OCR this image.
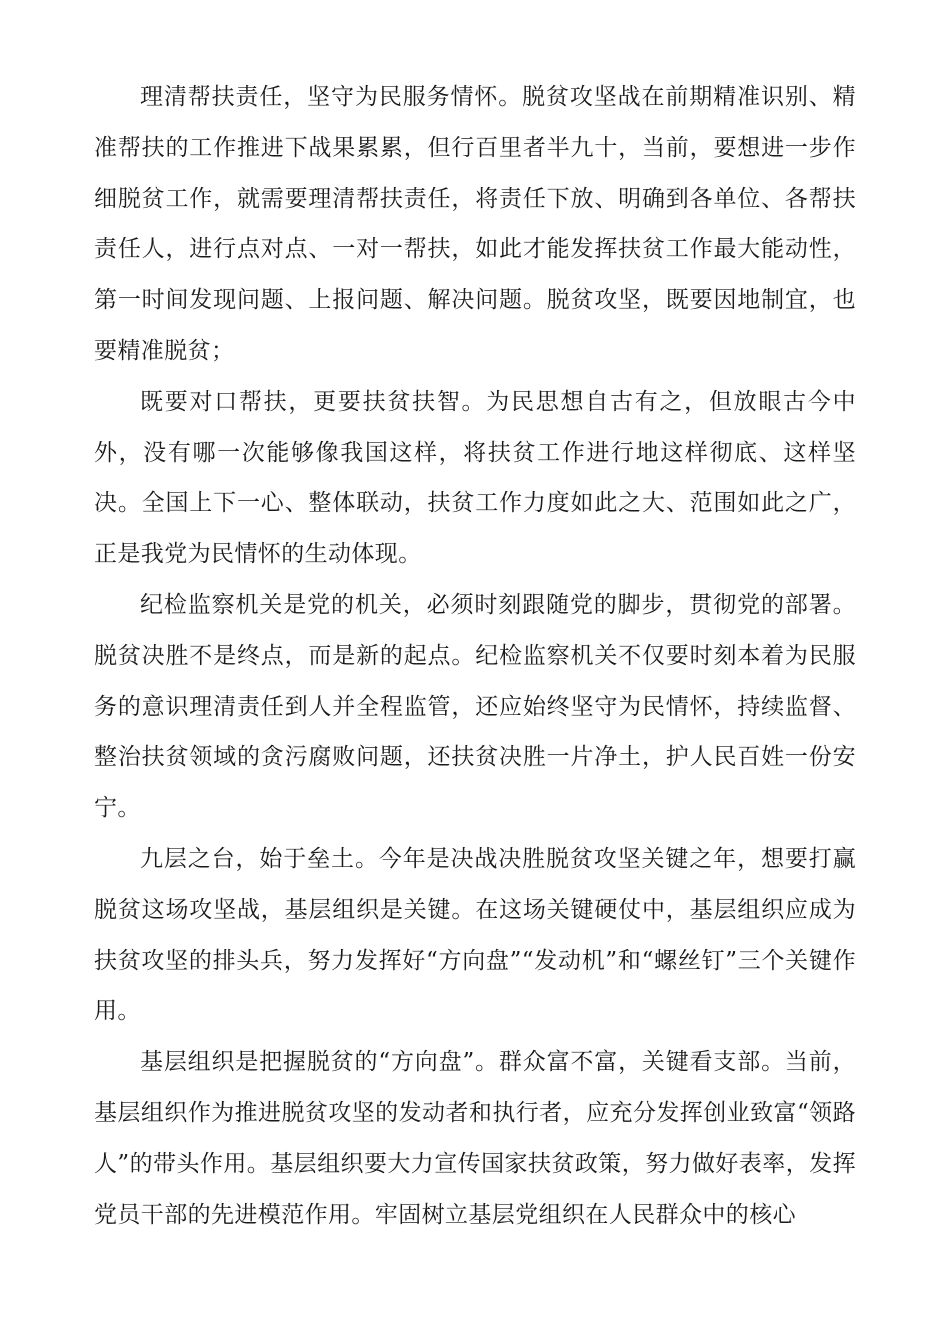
理清帮扶责任，坚守为民服务情怀。脱贫攻坚战在前期精准识别、精准帮扶的工作推进下战果累累，但行百里者半九十，当前，要想进一步作细脱贫工作，就需要理清帮扶责任，将责任下放、明确到各单位、各帮扶责任人，进行点对点、一对一帮扶，如此才能发挥扶贫工作最大能动性，第一时间发现问题、上报问题、解决问题。脱贫攻坚，既要因地制宜，也要精准脱贫；

既要对口帮扶，更要扶贫扶智。为民思想自古有之，但放眼古今中外，没有哪一次能够像我国这样，将扶贫工作进行地这样彻底、这样坚决。全国上下一心、整体联动，扶贫工作力度如此之大、范围如此之广，正是我党为民情怀的生动体现。

纪检监察机关是党的机关，必须时刻跟随党的脚步，贯彻党的部署。脱贫决胜不是终点，而是新的起点。纪检监察机关不仅要时刻本着为民服务的意识理清责任到人并全程监管，还应始终坚守为民情怀，持续监督、整治扶贫领域的贪污腐败问题，还扶贫决胜一片净土，护人民百姓一份安宁。

九层之台，始于垒土。今年是决战决胜脱贫攻坚关键之年，想要打赢脱贫这场攻坚战，基层组织是关键。在这场关键硬仗中，基层组织应成为扶贫攻坚的排头兵，努力发挥好“方向盘”“发动机”和“螺丝钉”三个关键作用。

基层组织是把握脱贫的“方向盘”。群众富不富，关键看支部。当前，基层组织作为推进脱贫攻坚的发动者和执行者，应充分发挥创业致富“领路人”的带头作用。基层组织要大力宣传国家扶贫政策，努力做好表率，发挥党员干部的先进模范作用。牢固树立基层党组织在人民群众中的核心
